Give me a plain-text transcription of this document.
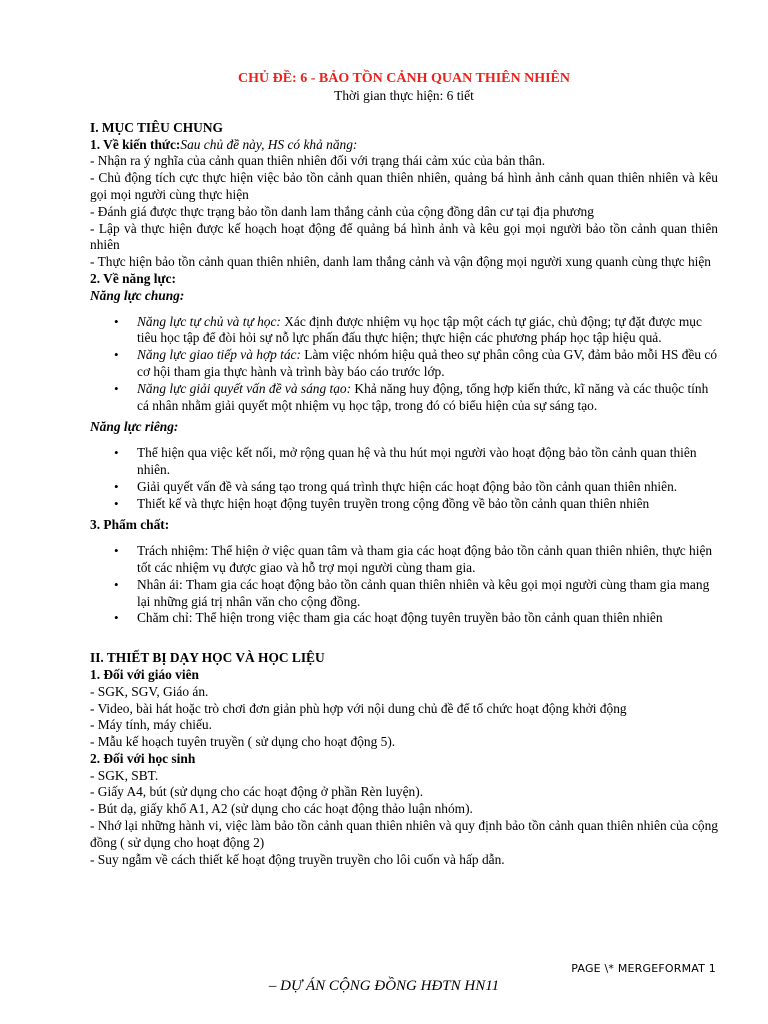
CHỦ ĐỀ: 6 - BẢO TỒN CẢNH QUAN THIÊN NHIÊN
Thời gian thực hiện: 6 tiết

I. MỤC TIÊU CHUNG

1. Về kiến thức:Sau chủ đề này, HS có khả năng:

- Nhận ra ý nghĩa của cảnh quan thiên nhiên đối với trạng thái cảm xúc của bản thân.

- Chủ động tích cực thực hiện việc bảo tồn cảnh quan thiên nhiên, quảng bá hình ảnh cảnh quan thiên nhiên và kêu gọi mọi người cùng thực hiện

- Đánh giá được thực trạng bảo tồn danh lam thắng cảnh của cộng đồng dân cư tại địa phương

- Lập và thực hiện được kế hoạch hoạt động để quảng bá hình ảnh và kêu gọi mọi người bảo tồn cảnh quan thiên nhiên

- Thực hiện bảo tồn cảnh quan thiên nhiên, danh lam thắng cảnh và vận động mọi người xung quanh cùng thực hiện

2. Về năng lực:

Năng lực chung:

• Năng lực tự chủ và tự học: Xác định được nhiệm vụ học tập một cách tự giác, chủ động; tự đặt được mục tiêu học tập để đòi hỏi sự nỗ lực phấn đấu thực hiện; thực hiện các phương pháp học tập hiệu quả.
• Năng lực giao tiếp và hợp tác: Làm việc nhóm hiệu quả theo sự phân công của GV, đảm bảo mỗi HS đều có cơ hội tham gia thực hành và trình bày báo cáo trước lớp.
• Năng lực giải quyết vấn đề và sáng tạo: Khả năng huy động, tổng hợp kiến thức, kĩ năng và các thuộc tính cá nhân nhằm giải quyết một nhiệm vụ học tập, trong đó có biểu hiện của sự sáng tạo.

Năng lực riêng:

• Thể hiện qua việc kết nối, mở rộng quan hệ và thu hút mọi người vào hoạt động bảo tồn cảnh quan thiên nhiên.
• Giải quyết vấn đề và sáng tạo trong quá trình thực hiện các hoạt động bảo tồn cảnh quan thiên nhiên.
• Thiết kế và thực hiện hoạt động tuyên truyền trong cộng đồng về bảo tồn cảnh quan thiên nhiên

3. Phẩm chất:

• Trách nhiệm: Thể hiện ở việc quan tâm và tham gia các hoạt động bảo tồn cảnh quan thiên nhiên, thực hiện tốt các nhiệm vụ được giao và hỗ trợ mọi người cùng tham gia.
• Nhân ái: Tham gia các hoạt động bảo tồn cảnh quan thiên nhiên và kêu gọi mọi người cùng tham gia mang lại những giá trị nhân văn cho cộng đồng.
• Chăm chỉ: Thể hiện trong việc tham gia các hoạt động tuyên truyền bảo tồn cảnh quan thiên nhiên

II. THIẾT BỊ DẠY HỌC VÀ HỌC LIỆU

1. Đối với giáo viên

- SGK, SGV, Giáo án.

- Video, bài hát hoặc trò chơi đơn giản phù hợp với nội dung chủ đề để tổ chức hoạt động khởi động

- Máy tính, máy chiếu.

- Mẫu kế hoạch tuyên truyền ( sử dụng cho hoạt động 5).

2. Đối với học sinh

- SGK, SBT.

- Giấy A4, bút (sử dụng cho các hoạt động ở phần Rèn luyện).

- Bút dạ, giấy khổ A1, A2 (sử dụng cho các hoạt động thảo luận nhóm).

- Nhớ lại những hành vi, việc làm bảo tồn cảnh quan thiên nhiên và quy định bảo tồn cảnh quan thiên nhiên của cộng đồng ( sử dụng cho hoạt động 2)

- Suy ngẫm về cách thiết kế hoạt động truyền truyền cho lôi cuốn và hấp dẫn.

PAGE \* MERGEFORMAT 1
– DỰ ÁN CỘNG ĐỒNG HĐTN HN11
